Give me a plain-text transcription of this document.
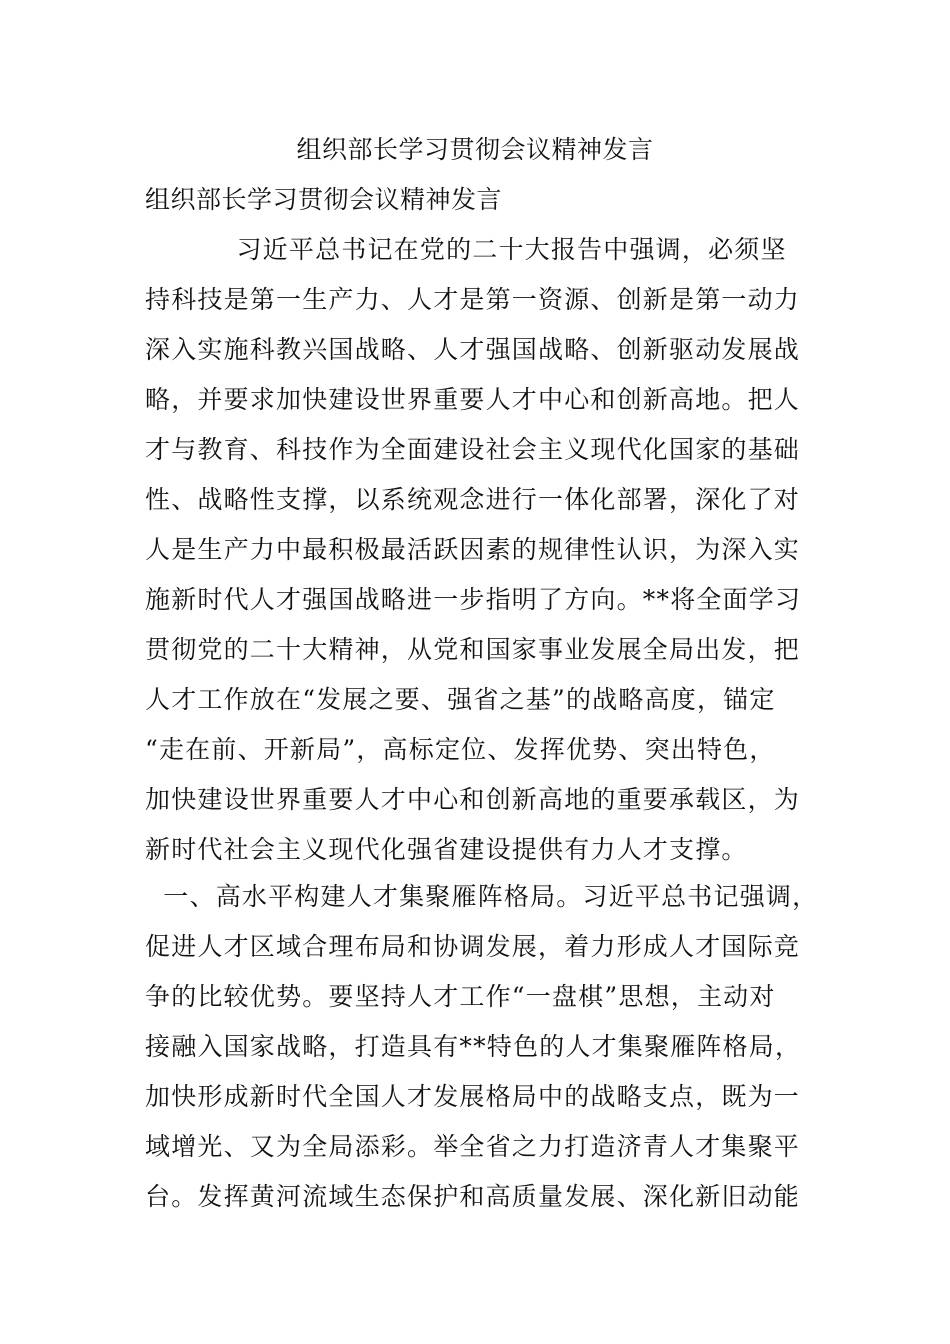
组织部长学习贯彻会议精神发言
组织部长学习贯彻会议精神发言
习近平总书记在党的二十大报告中强调，必须坚
持科技是第一生产力、人才是第一资源、创新是第一动力
深入实施科教兴国战略、人才强国战略、创新驱动发展战
略，并要求加快建设世界重要人才中心和创新高地。把人
才与教育、科技作为全面建设社会主义现代化国家的基础
性、战略性支撑，以系统观念进行一体化部署，深化了对
人是生产力中最积极最活跃因素的规律性认识，为深入实
施新时代人才强国战略进一步指明了方向。**将全面学习
贯彻党的二十大精神，从党和国家事业发展全局出发，把
人才工作放在“发展之要、强省之基”的战略高度，锚定
“走在前、开新局”，高标定位、发挥优势、突出特色，
加快建设世界重要人才中心和创新高地的重要承载区，为
新时代社会主义现代化强省建设提供有力人才支撑。
一、高水平构建人才集聚雁阵格局。习近平总书记强调，
促进人才区域合理布局和协调发展，着力形成人才国际竞
争的比较优势。要坚持人才工作“一盘棋”思想，主动对
接融入国家战略，打造具有**特色的人才集聚雁阵格局，
加快形成新时代全国人才发展格局中的战略支点，既为一
域增光、又为全局添彩。举全省之力打造济青人才集聚平
台。发挥黄河流域生态保护和高质量发展、深化新旧动能
